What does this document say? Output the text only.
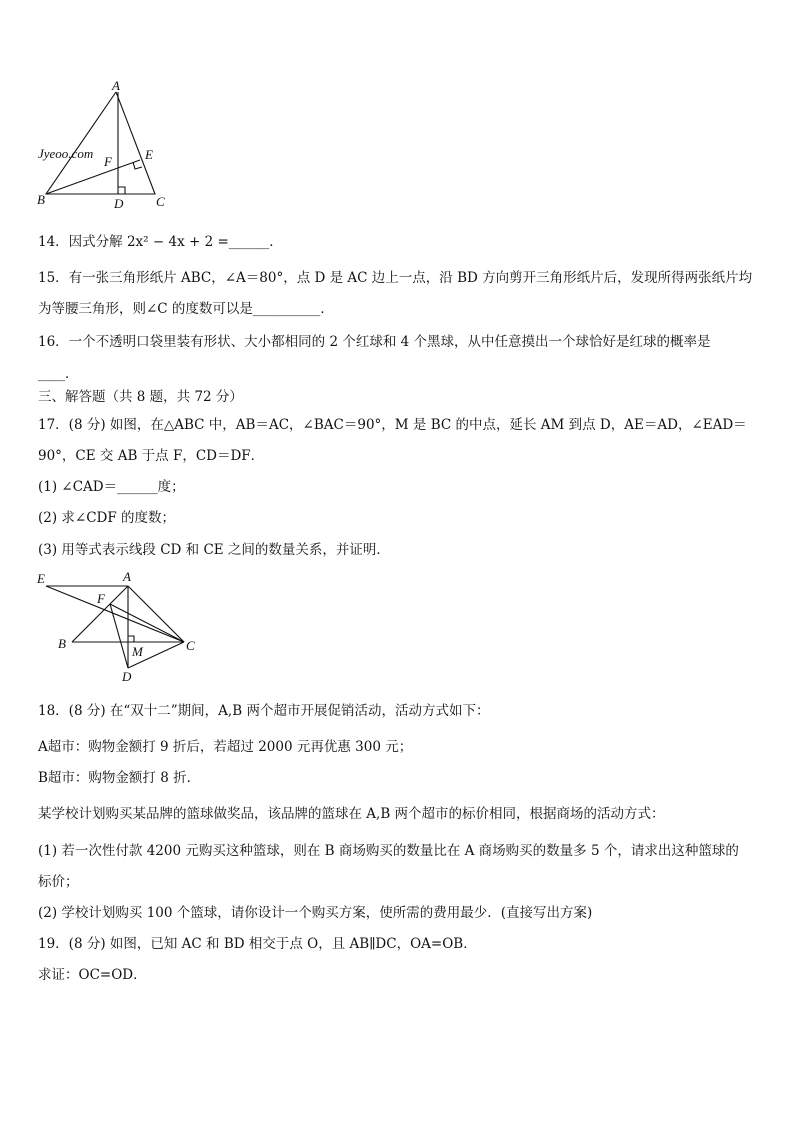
Jyeoo.com
A
B	C
D
E
F
14．因式分解 2x² − 4x + 2 =______．
15．有一张三角形纸片 ABC，∠A＝80°，点 D 是 AC 边上一点，沿 BD 方向剪开三角形纸片后，发现所得两张纸片均
为等腰三角形，则∠C 的度数可以是__________．
16．一个不透明口袋里装有形状、大小都相同的 2 个红球和 4 个黑球，从中任意摸出一个球恰好是红球的概率是
____．
三、解答题（共 8 题，共 72 分）
17．(8 分) 如图，在△ABC 中，AB＝AC，∠BAC＝90°，M 是 BC 的中点，延长 AM 到点 D，AE＝AD，∠EAD＝
90°，CE 交 AB 于点 F，CD＝DF．
(1) ∠CAD＝______度；
(2) 求∠CDF 的度数；
(3) 用等式表示线段 CD 和 CE 之间的数量关系，并证明．
E	A
F
B
M	C
D
18．(8 分) 在“双十二”期间，A,B 两个超市开展促销活动，活动方式如下：
A超市：购物金额打 9 折后，若超过 2000 元再优惠 300 元；
B超市：购物金额打 8 折．
某学校计划购买某品牌的篮球做奖品，该品牌的篮球在 A,B 两个超市的标价相同，根据商场的活动方式：
(1) 若一次性付款 4200 元购买这种篮球，则在 B 商场购买的数量比在 A 商场购买的数量多 5 个，请求出这种篮球的
标价；
(2) 学校计划购买 100 个篮球，请你设计一个购买方案，使所需的费用最少．(直接写出方案)
19．(8 分) 如图，已知 AC 和 BD 相交于点 O，且 AB∥DC，OA=OB．
求证：OC=OD．
